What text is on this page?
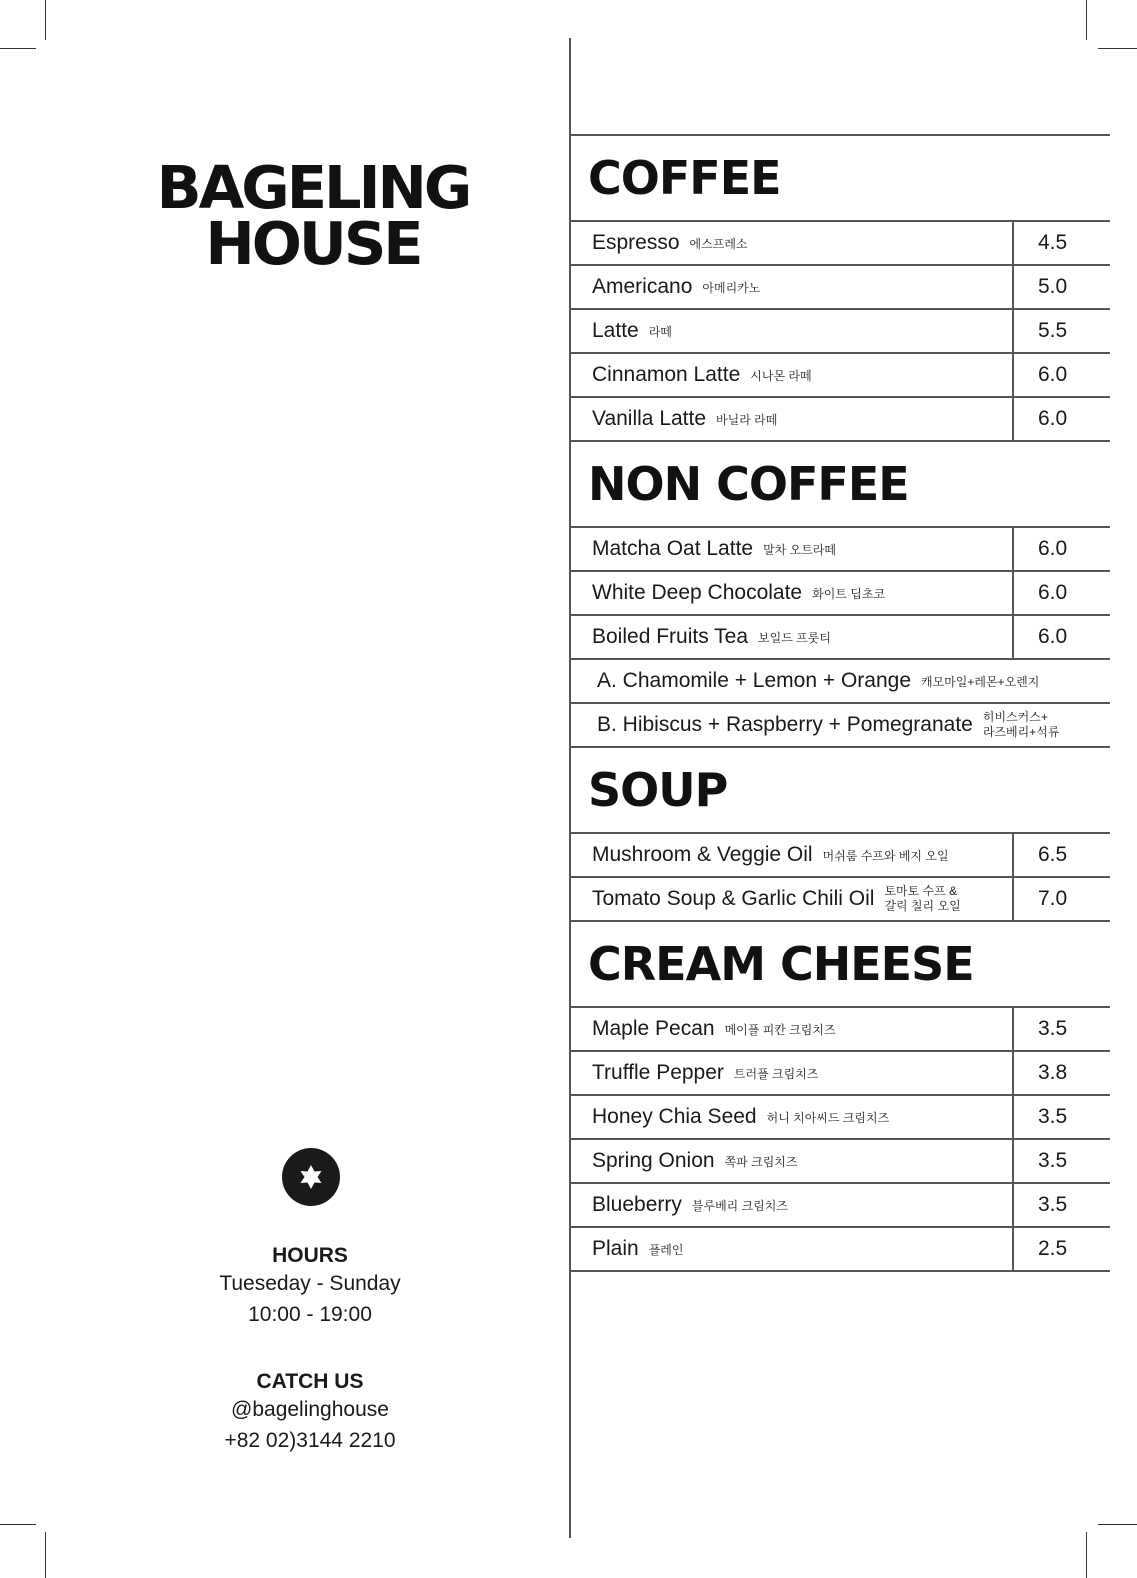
BAGELING
HOUSE
COFFEE
Espresso 에스프레소	4.5
Americano 아메리카노	5.0
Latte 라떼	5.5
Cinnamon Latte 시나몬 라떼	6.0
Vanilla Latte 바닐라 라떼	6.0
NON COFFEE
Matcha Oat Latte 말차 오트라떼	6.0
White Deep Chocolate 화이트 딥초코	6.0
Boiled Fruits Tea 보일드 프룻티	6.0
A. Chamomile + Lemon + Orange 캐모마일+레몬+오렌지
B. Hibiscus + Raspberry + Pomegranate 히비스커스+
라즈베리+석류
SOUP
Mushroom & Veggie Oil 머쉬룸 수프와 베지 오일	6.5
Tomato Soup & Garlic Chili Oil 토마토 수프 &
갈릭 칠리 오일	7.0
CREAM CHEESE
Maple Pecan 메이플 피칸 크림치즈	3.5
Truffle Pepper 트러플 크림치즈	3.8
Honey Chia Seed 허니 치아씨드 크림치즈	3.5
Spring Onion 쪽파 크림치즈	3.5
Blueberry 블루베리 크림치즈	3.5
Plain 플레인	2.5
HOURS

Tueseday - Sunday

10:00 - 19:00

CATCH US

@bagelinghouse

+82 02)3144 2210
